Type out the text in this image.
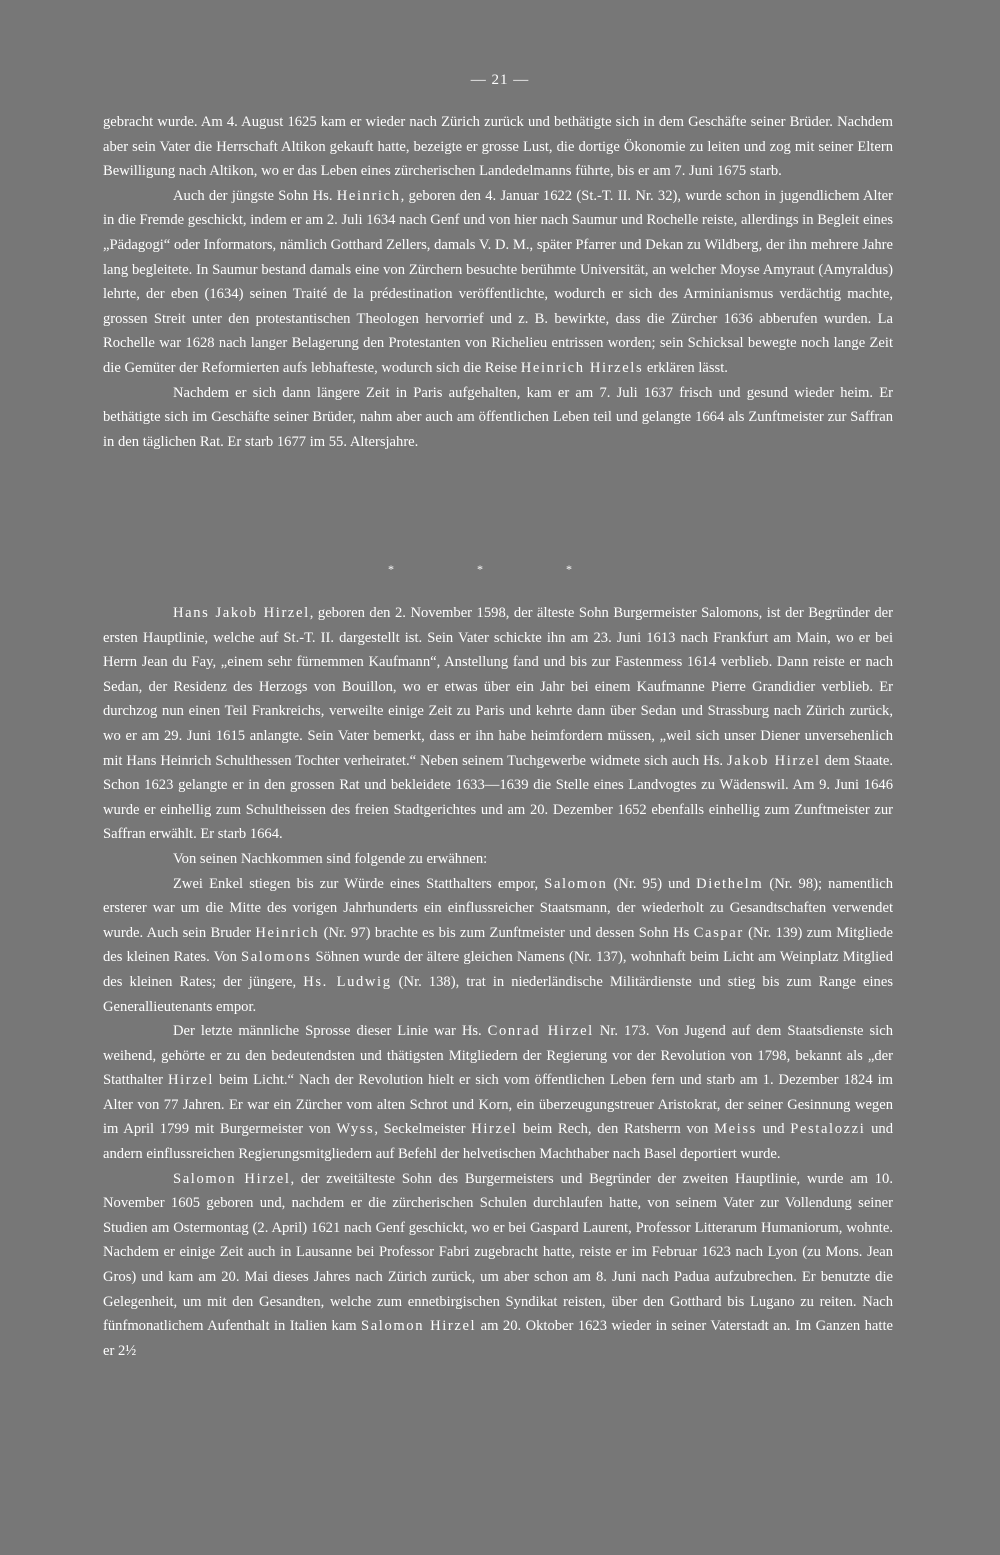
— 21 —

gebracht wurde. Am 4. August 1625 kam er wieder nach Zürich zurück und bethätigte sich in dem Geschäfte seiner Brüder. Nachdem aber sein Vater die Herrschaft Altikon gekauft hatte, bezeigte er grosse Lust, die dortige Ökonomie zu leiten und zog mit seiner Eltern Bewilligung nach Altikon, wo er das Leben eines zürcherischen Landedelmanns führte, bis er am 7. Juni 1675 starb.

Auch der jüngste Sohn Hs. Heinrich, geboren den 4. Januar 1622 (St.-T. II. Nr. 32), wurde schon in jugendlichem Alter in die Fremde geschickt, indem er am 2. Juli 1634 nach Genf und von hier nach Saumur und Rochelle reiste, allerdings in Begleit eines „Pädagogi“ oder Informators, nämlich Gotthard Zellers, damals V. D. M., später Pfarrer und Dekan zu Wildberg, der ihn mehrere Jahre lang begleitete. In Saumur bestand damals eine von Zürchern besuchte berühmte Universität, an welcher Moyse Amyraut (Amyraldus) lehrte, der eben (1634) seinen Traité de la prédestination veröffentlichte, wodurch er sich des Arminianismus verdächtig machte, grossen Streit unter den protestantischen Theologen hervorrief und z. B. bewirkte, dass die Zürcher 1636 abberufen wurden. La Rochelle war 1628 nach langer Belagerung den Protestanten von Richelieu entrissen worden; sein Schicksal bewegte noch lange Zeit die Gemüter der Reformierten aufs lebhafteste, wodurch sich die Reise Heinrich Hirzels erklären lässt.

Nachdem er sich dann längere Zeit in Paris aufgehalten, kam er am 7. Juli 1637 frisch und gesund wieder heim. Er bethätigte sich im Geschäfte seiner Brüder, nahm aber auch am öffentlichen Leben teil und gelangte 1664 als Zunftmeister zur Saffran in den täglichen Rat. Er starb 1677 im 55. Altersjahre.

* * *

Hans Jakob Hirzel, geboren den 2. November 1598, der älteste Sohn Burgermeister Salomons, ist der Begründer der ersten Hauptlinie, welche auf St.-T. II. dargestellt ist. Sein Vater schickte ihn am 23. Juni 1613 nach Frankfurt am Main, wo er bei Herrn Jean du Fay, „einem sehr fürnemmen Kaufmann“, Anstellung fand und bis zur Fastenmess 1614 verblieb. Dann reiste er nach Sedan, der Residenz des Herzogs von Bouillon, wo er etwas über ein Jahr bei einem Kaufmanne Pierre Grandidier verblieb. Er durchzog nun einen Teil Frankreichs, verweilte einige Zeit zu Paris und kehrte dann über Sedan und Strassburg nach Zürich zurück, wo er am 29. Juni 1615 anlangte. Sein Vater bemerkt, dass er ihn habe heimfordern müssen, „weil sich unser Diener unversehenlich mit Hans Heinrich Schulthessen Tochter verheiratet.“ Neben seinem Tuchgewerbe widmete sich auch Hs. Jakob Hirzel dem Staate. Schon 1623 gelangte er in den grossen Rat und bekleidete 1633—1639 die Stelle eines Landvogtes zu Wädenswil. Am 9. Juni 1646 wurde er einhellig zum Schultheissen des freien Stadtgerichtes und am 20. Dezember 1652 ebenfalls einhellig zum Zunftmeister zur Saffran erwählt. Er starb 1664.

Von seinen Nachkommen sind folgende zu erwähnen:

Zwei Enkel stiegen bis zur Würde eines Statthalters empor, Salomon (Nr. 95) und Diethelm (Nr. 98); namentlich ersterer war um die Mitte des vorigen Jahrhunderts ein einflussreicher Staatsmann, der wiederholt zu Gesandtschaften verwendet wurde. Auch sein Bruder Heinrich (Nr. 97) brachte es bis zum Zunftmeister und dessen Sohn Hs Caspar (Nr. 139) zum Mitgliede des kleinen Rates. Von Salomons Söhnen wurde der ältere gleichen Namens (Nr. 137), wohnhaft beim Licht am Weinplatz Mitglied des kleinen Rates; der jüngere, Hs. Ludwig (Nr. 138), trat in niederländische Militärdienste und stieg bis zum Range eines Generallieutenants empor.

Der letzte männliche Sprosse dieser Linie war Hs. Conrad Hirzel Nr. 173. Von Jugend auf dem Staatsdienste sich weihend, gehörte er zu den bedeutendsten und thätigsten Mitgliedern der Regierung vor der Revolution von 1798, bekannt als „der Statthalter Hirzel beim Licht.“ Nach der Revolution hielt er sich vom öffentlichen Leben fern und starb am 1. Dezember 1824 im Alter von 77 Jahren. Er war ein Zürcher vom alten Schrot und Korn, ein überzeugungstreuer Aristokrat, der seiner Gesinnung wegen im April 1799 mit Burgermeister von Wyss, Seckelmeister Hirzel beim Rech, den Ratsherrn von Meiss und Pestalozzi und andern einflussreichen Regierungsmitgliedern auf Befehl der helvetischen Machthaber nach Basel deportiert wurde.

Salomon Hirzel, der zweitälteste Sohn des Burgermeisters und Begründer der zweiten Hauptlinie, wurde am 10. November 1605 geboren und, nachdem er die zürcherischen Schulen durchlaufen hatte, von seinem Vater zur Vollendung seiner Studien am Ostermontag (2. April) 1621 nach Genf geschickt, wo er bei Gaspard Laurent, Professor Litterarum Humaniorum, wohnte. Nachdem er einige Zeit auch in Lausanne bei Professor Fabri zugebracht hatte, reiste er im Februar 1623 nach Lyon (zu Mons. Jean Gros) und kam am 20. Mai dieses Jahres nach Zürich zurück, um aber schon am 8. Juni nach Padua aufzubrechen. Er benutzte die Gelegenheit, um mit den Gesandten, welche zum ennetbirgischen Syndikat reisten, über den Gotthard bis Lugano zu reiten. Nach fünfmonatlichem Aufenthalt in Italien kam Salomon Hirzel am 20. Oktober 1623 wieder in seiner Vaterstadt an. Im Ganzen hatte er 2½
